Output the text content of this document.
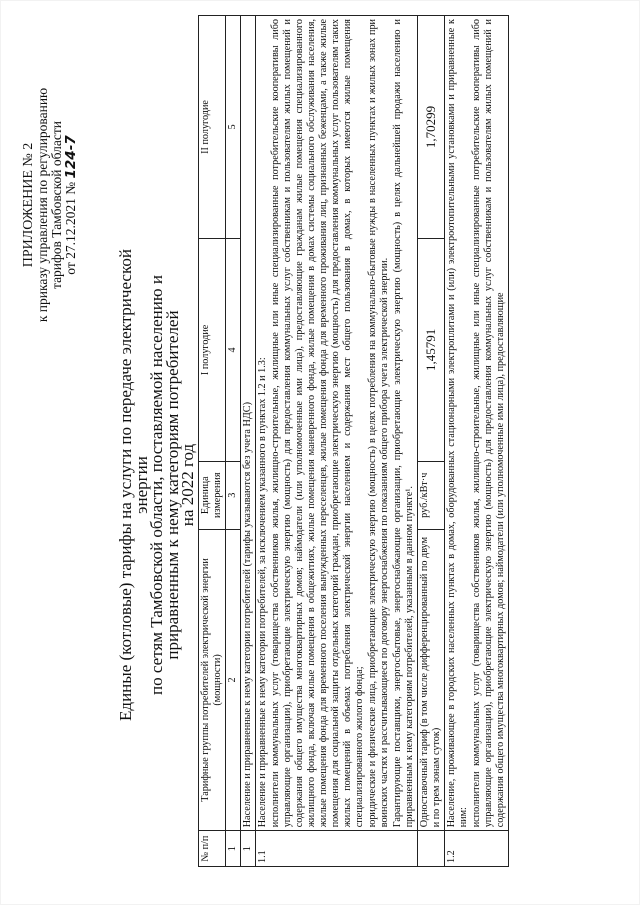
ПРИЛОЖЕНИЕ № 2 к приказу управления по регулированию тарифов Тамбовской области от 27.12.2021 № 124-7
Единые (котловые) тарифы на услуги по передаче электрической энергии
по сетям Тамбовской области, поставляемой населению и приравненным к нему категориям потребителей
на 2022 год
№ п/п	Тарифные группы потребителей электрической энергии (мощности)	Единица измерения	I полугодие	II полугодие
1	2	3	4	5
1	Население и приравненные к нему категории потребителей (тарифы указываются без учета НДС)			
1.1	Население и приравненные к нему категории потребителей, за исключением указанного в пунктах 1.2 и 1.3: исполнители коммунальных услуг (товарищества собственников жилья, жилищно-строительные, жилищные или иные специализированные потребительские кооперативы либо управляющие организации), приобретающие электрическую энергию (мощность) для предоставления коммунальных услуг собственникам и пользователям жилых помещений и содержания общего имущества многоквартирных домов; наймодатели (или уполномоченные ими лица), предоставляющие гражданам жилые помещения специализированного жилищного фонда, включая жилые помещения в общежитиях, жилые помещения маневренного фонда, жилые помещения в домах системы социального обслуживания населения, жилые помещения фонда для временного поселения вынужденных переселенцев, жилые помещения фонда для временного проживания лиц, признанных беженцами, а также жилые помещения для социальной защиты отдельных категорий граждан, приобретающие электрическую энергию (мощность) для предоставления коммунальных услуг пользователям таких жилых помещений в объемах потребления электрической энергии населением и содержания мест общего пользования в домах, в которых имеются жилые помещения специализированного жилого фонда; юридические и физические лица, приобретающие электрическую энергию (мощность) в целях потребления на коммунально-бытовые нужды в населенных пунктах и жилых зонах при воинских частях и рассчитывающиеся по договору энергоснабжения по показаниям общего прибора учета электрической энергии. Гарантирующие поставщики, энергосбытовые, энергоснабжающие организации, приобретающие электрическую энергию (мощность) в целях дальнейшей продажи населению и приравненным к нему категориям потребителей, указанным в данном пункте¹.			

	Одноставочный тариф (в том числе дифференцированный по двум и по трем зонам суток)	руб./кВт·ч	1,45791	1,70299
1.2	Население, проживающее в городских населенных пунктах в домах, оборудованных стационарными электроплитами и (или) электроотопительными установками и приравненные к ним: исполнители коммунальных услуг (товарищества собственников жилья, жилищно-строительные, жилищные или иные специализированные потребительские кооперативы либо управляющие организации), приобретающие электрическую энергию (мощность) для предоставления коммунальных услуг собственникам и пользователям жилых помещений и содержания общего имущества многоквартирных домов; наймодатели (или уполномоченные ими лица), предоставляющие			
